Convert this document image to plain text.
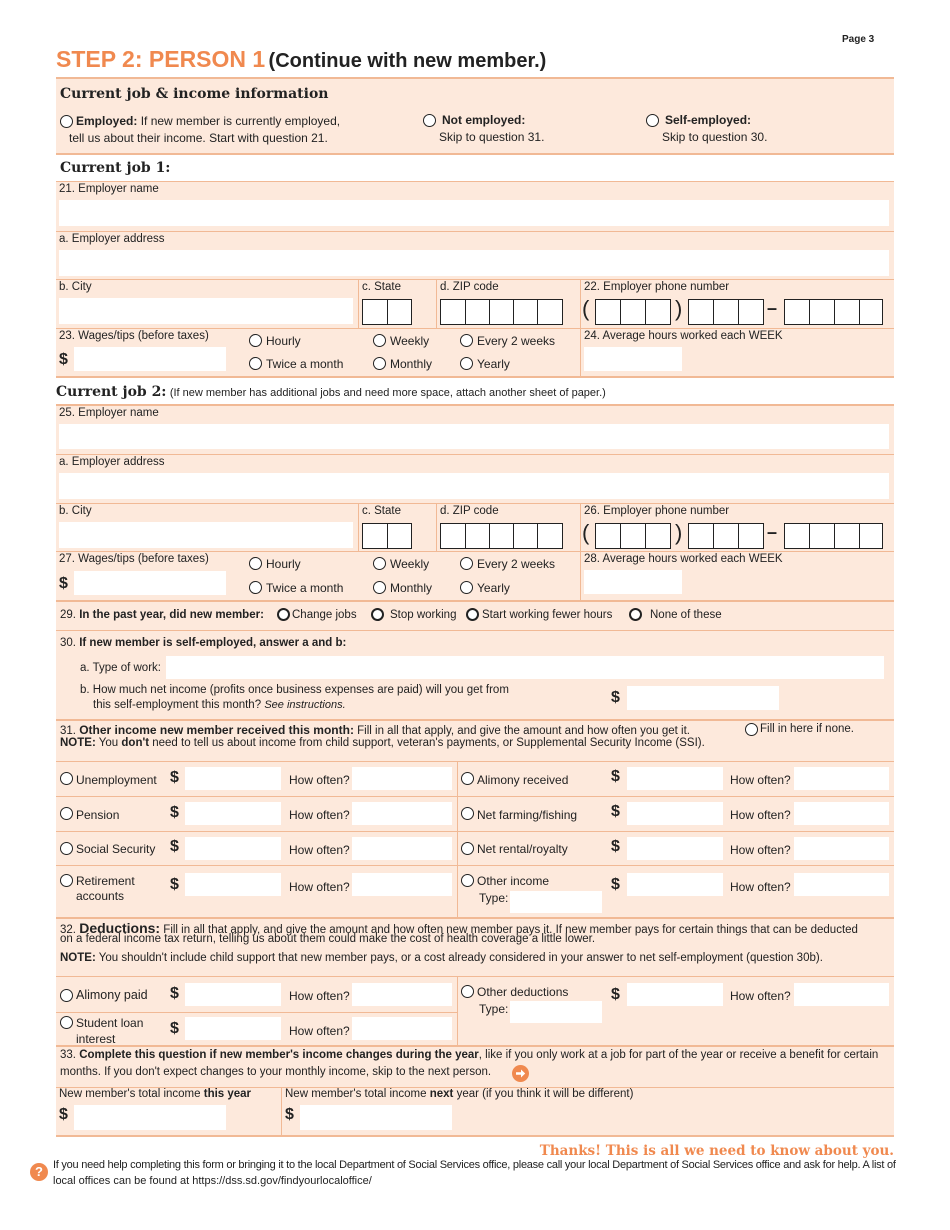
Page 3
STEP 2: PERSON 1 (Continue with new member.)
Current job & income information
Employed: If new member is currently employed,
tell us about their income. Start with question 21.
Not employed:
Skip to question 31.
Self-employed:
Skip to question 30.
Current job 1:
21. Employer name
a. Employer address
b. City	c. State	d. ZIP code	22. Employer phone number
(	)	–
23. Wages/tips (before taxes)
$
Hourly	Weekly	Every 2 weeks
Twice a month	Monthly	Yearly
24. Average hours worked each WEEK
Current job 2: (If new member has additional jobs and need more space, attach another sheet of paper.)
25. Employer name
a. Employer address
b. City	c. State	d. ZIP code	26. Employer phone number
(	)	–
27. Wages/tips (before taxes)
$
Hourly	Weekly	Every 2 weeks
Twice a month	Monthly	Yearly
28. Average hours worked each WEEK
29. In the past year, did new member: Change jobs	Stop working Start working fewer hours	None of these
30. If new member is self-employed, answer a and b:
a. Type of work:
b. How much net income (profits once business expenses are paid) will you get from
this self-employment this month? See instructions.	$
31. Other income new member received this month: Fill in all that apply, and give the amount and how often you get it.	Fill in here if none.
NOTE: You don't need to tell us about income from child support, veteran's payments, or Supplemental Security Income (SSI).
Unemployment $	How often?
Pension	$	How often?
Social Security $	How often?
Retirement
accounts
$	How often?
Alimony received	$	How often?
Net farming/fishing $	How often?
Net rental/royalty	$	How often?
Other income
Type:
$	How often?
32. Deductions: Fill in all that apply, and give the amount and how often new member pays it. If new member pays for certain things that can be deducted
on a federal income tax return, telling us about them could make the cost of health coverage a little lower.
NOTE: You shouldn't include child support that new member pays, or a cost already considered in your answer to net self-employment (question 30b).
Alimony paid $	How often?
Student loan
interest
$	How often?
Other deductions
Type:
$	How often?
33. Complete this question if new member's income changes during the year, like if you only work at a job for part of the year or receive a benefit for certain
months. If you don't expect changes to your monthly income, skip to the next person.
New member's total income this year
$
New member's total income next year (if you think it will be different)
$
Thanks! This is all we need to know about you.
? If you need help completing this form or bringing it to the local Department of Social Services office, please call your local Department of Social Services office and ask for help. A list of
local offices can be found at https://dss.sd.gov/findyourlocaloffice/
